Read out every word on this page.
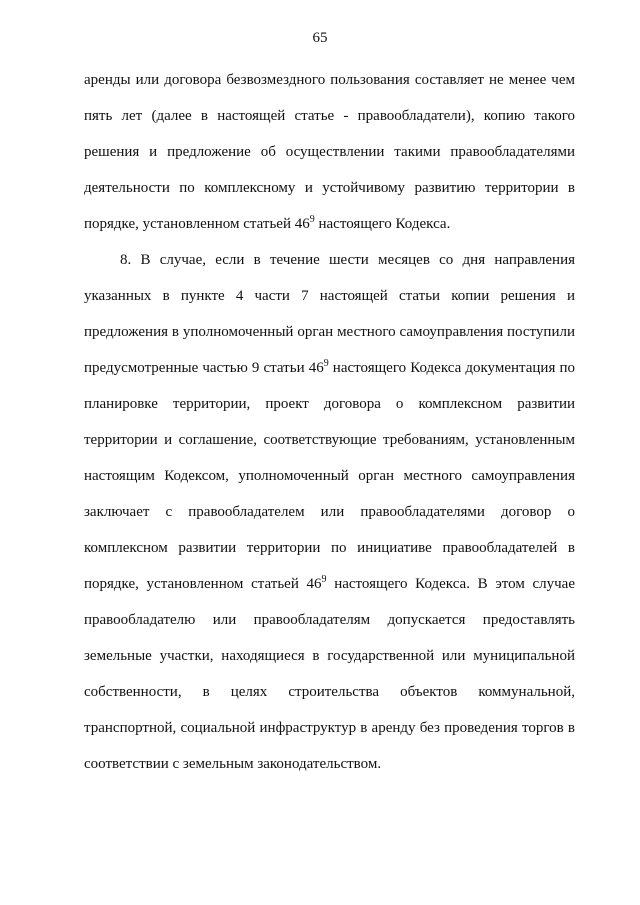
65
аренды или договора безвозмездного пользования составляет не менее чем
пять лет (далее в настоящей статье - правообладатели), копию такого
решения и предложение об осуществлении такими правообладателями
деятельности по комплексному и устойчивому развитию территории в
порядке, установленном статьей $46^9$ настоящего Кодекса.
8. В случае, если в течение шести месяцев со дня направления
указанных в пункте 4 части 7 настоящей статьи копии решения и
предложения в уполномоченный орган местного самоуправления поступили
предусмотренные частью 9 статьи $46^9$ настоящего Кодекса документация по
планировке территории, проект договора о комплексном развитии
территории и соглашение, соответствующие требованиям, установленным
настоящим Кодексом, уполномоченный орган местного самоуправления
заключает с правообладателем или правообладателями договор о
комплексном развитии территории по инициативе правообладателей в
порядке, установленном статьей $46^9$ настоящего Кодекса. В этом случае
правообладателю или правообладателям допускается предоставлять
земельные участки, находящиеся в государственной или муниципальной
собственности, в целях строительства объектов коммунальной,
транспортной, социальной инфраструктур в аренду без проведения торгов в
соответствии с земельным законодательством.
